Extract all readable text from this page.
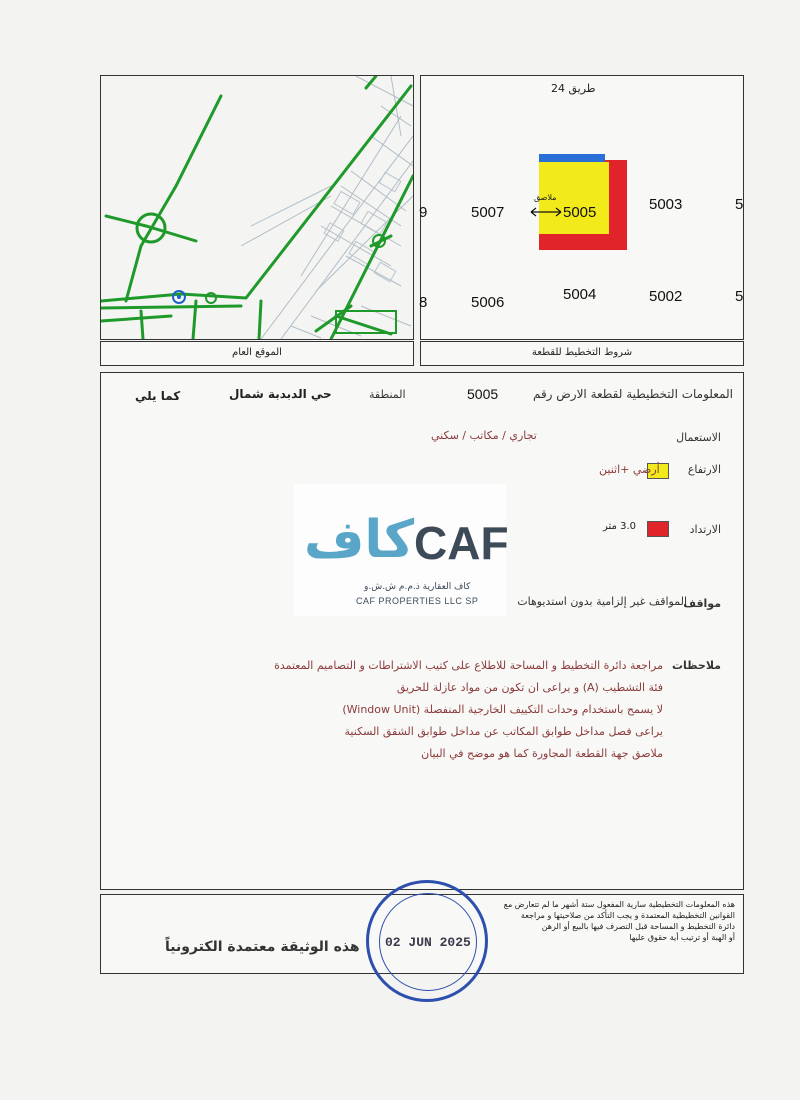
الموقع العام
طريق 24
5005
ملاصق
5007	5003
5006	5004	5002
9	5
8	5
شروط التخطيط للقطعة
المعلومات التخطيطية لقطعة الارض رقم
5005
المنطقة
حي الدبدبة شمال
كما يلي
الاستعمال
تجاري / مكاتب / سكني
الارتفاع
أرضي +اثنين
الارتداد
3.0 متر
مواقف
المواقف غير إلزامية بدون استديوهات
ملاحظات
مراجعة دائرة التخطيط و المساحة للاطلاع على كتيب الاشتراطات و التصاميم المعتمدة
فئة التشطيب (A) و يراعى ان تكون من مواد عازلة للحريق
لا يسمح باستخدام وحدات التكييف الخارجية المنفصلة (Window Unit)
يراعى فصل مداخل طوابق المكاتب عن مداخل طوابق الشقق السكنية
ملاصق جهة القطعة المجاورة كما هو موضح في البيان
كاف CAF
كاف العقارية ذ.م.م ش.ش.و
CAF PROPERTIES LLC SP
هذه المعلومات التخطيطية سارية المفعول ستة أشهر ما لم تتعارض مع
القوانين التخطيطية المعتمدة و يجب التأكد من صلاحيتها و مراجعة
دائرة التخطيط و المساحة قبل التصرف فيها بالبيع أو الرهن
أو الهبة أو ترتيب أية حقوق عليها
هذه الوثيقة معتمدة الكترونياً 02 JUN 2025
